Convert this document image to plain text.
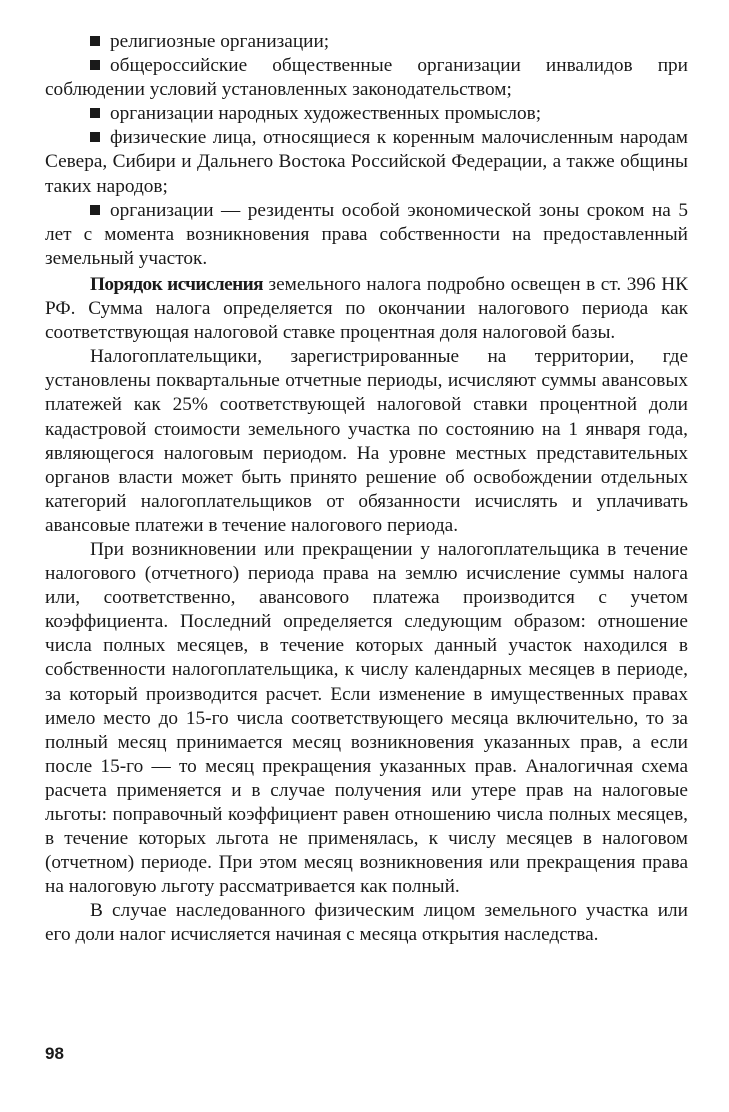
религиозные организации;

общероссийские общественные организации инвалидов при соблюдении условий установленных законодательством;

организации народных художественных промыслов;

физические лица, относящиеся к коренным малочисленным народам Севера, Сибири и Дальнего Востока Российской Федерации, а также общины таких народов;

организации — резиденты особой экономической зоны сроком на 5 лет с момента возникновения права собственности на предоставленный земельный участок.

Порядок исчисления земельного налога подробно освещен в ст. 396 НК РФ. Сумма налога определяется по окончании налогового периода как соответствующая налоговой ставке процентная доля налоговой базы.

Налогоплательщики, зарегистрированные на территории, где установлены поквартальные отчетные периоды, исчисляют суммы авансовых платежей как 25% соответствующей налоговой ставки процентной доли кадастровой стоимости земельного участка по состоянию на 1 января года, являющегося налоговым периодом. На уровне местных представительных органов власти может быть принято решение об освобождении отдельных категорий налогоплательщиков от обязанности исчислять и уплачивать авансовые платежи в течение налогового периода.

При возникновении или прекращении у налогоплательщика в течение налогового (отчетного) периода права на землю исчисление суммы налога или, соответственно, авансового платежа производится с учетом коэффициента. Последний определяется следующим образом: отношение числа полных месяцев, в течение которых данный участок находился в собственности налогоплательщика, к числу календарных месяцев в периоде, за который производится расчет. Если изменение в имущественных правах имело место до 15-го числа соответствующего месяца включительно, то за полный месяц принимается месяц возникновения указанных прав, а если после 15-го — то месяц прекращения указанных прав. Аналогичная схема расчета применяется и в случае получения или утере прав на налоговые льготы: поправочный коэффициент равен отношению числа полных месяцев, в течение которых льгота не применялась, к числу месяцев в налоговом (отчетном) периоде. При этом месяц возникновения или прекращения права на налоговую льготу рассматривается как полный.

В случае наследованного физическим лицом земельного участка или его доли налог исчисляется начиная с месяца открытия наследства.

98
